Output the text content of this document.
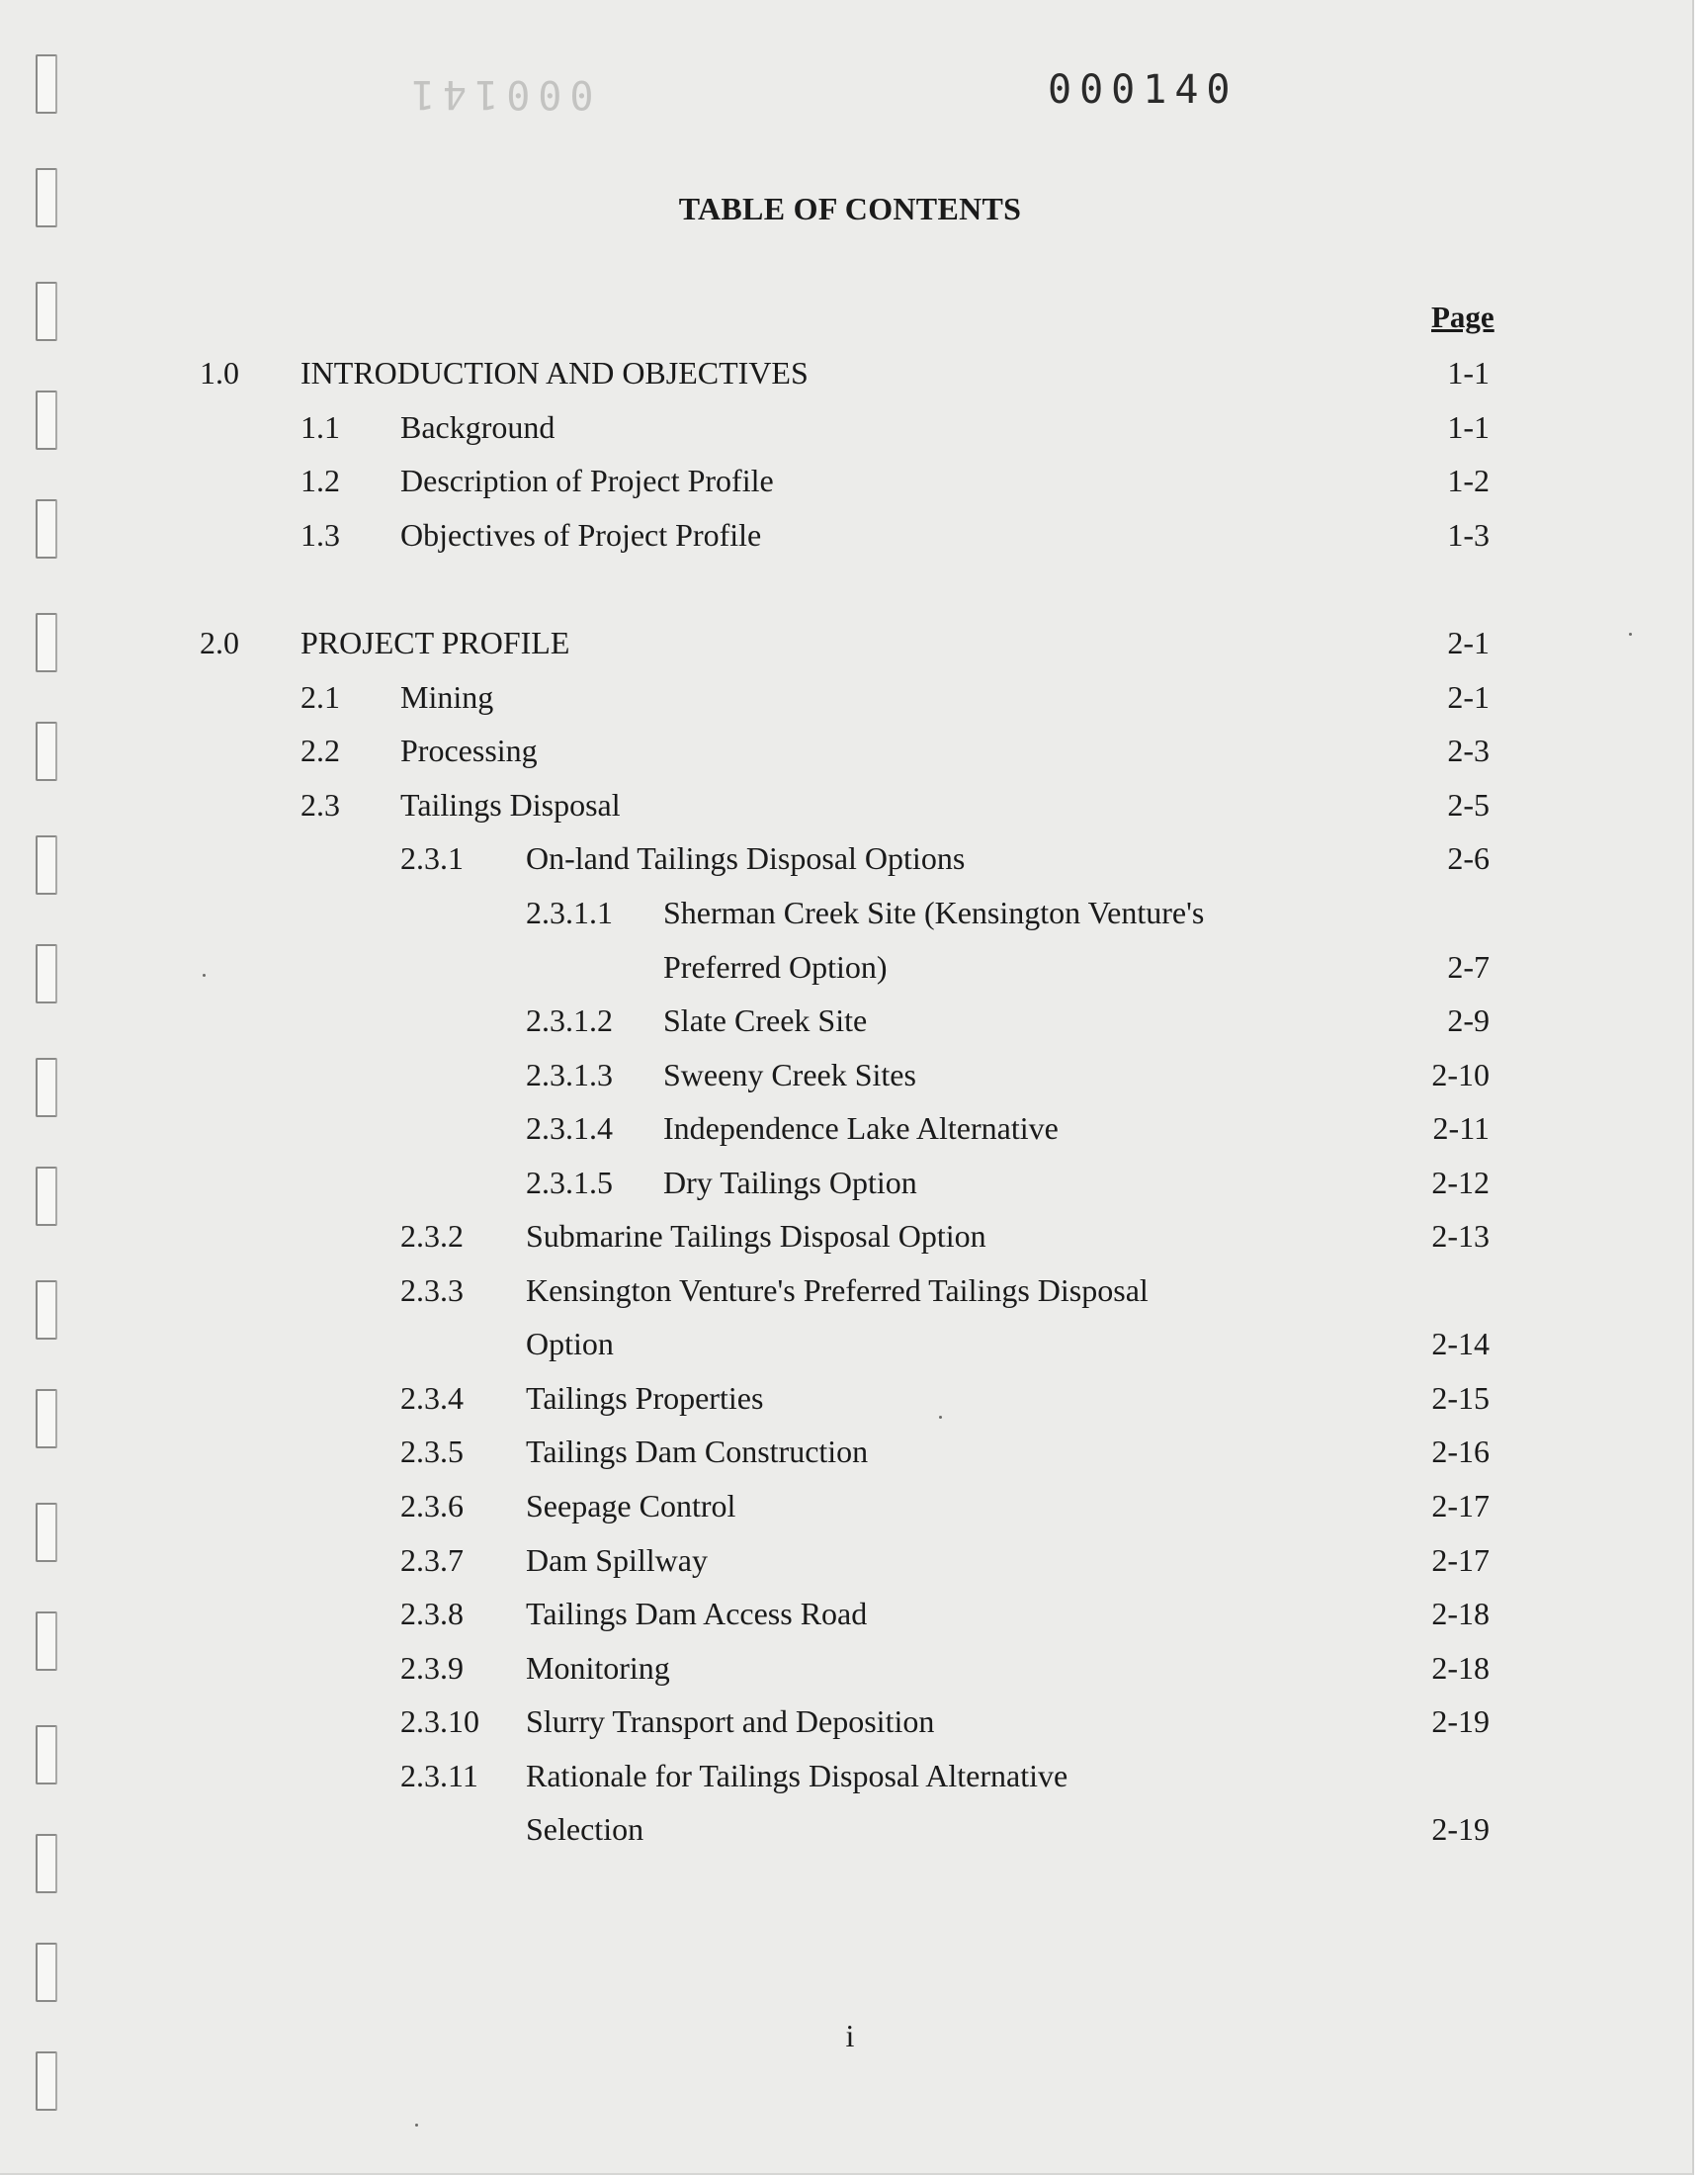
000141	000140
TABLE OF CONTENTS
Page
1.0 INTRODUCTION AND OBJECTIVES	1-1
1.1 Background	1-1
1.2 Description of Project Profile	1-2
1.3 Objectives of Project Profile	1-3
2.0 PROJECT PROFILE	2-1
2.1 Mining	2-1
2.2 Processing	2-3
2.3 Tailings Disposal	2-5
2.3.1 On-land Tailings Disposal Options	2-6
2.3.1.1 Sherman Creek Site (Kensington Venture's
Preferred Option)	2-7
2.3.1.2 Slate Creek Site	2-9
2.3.1.3 Sweeny Creek Sites	2-10
2.3.1.4 Independence Lake Alternative	2-11
2.3.1.5 Dry Tailings Option	2-12
2.3.2 Submarine Tailings Disposal Option	2-13
2.3.3 Kensington Venture's Preferred Tailings Disposal
Option	2-14
2.3.4 Tailings Properties	2-15
2.3.5 Tailings Dam Construction	2-16
2.3.6 Seepage Control	2-17
2.3.7 Dam Spillway	2-17
2.3.8 Tailings Dam Access Road	2-18
2.3.9 Monitoring	2-18
2.3.10 Slurry Transport and Deposition	2-19
2.3.11 Rationale for Tailings Disposal Alternative
Selection	2-19
i
